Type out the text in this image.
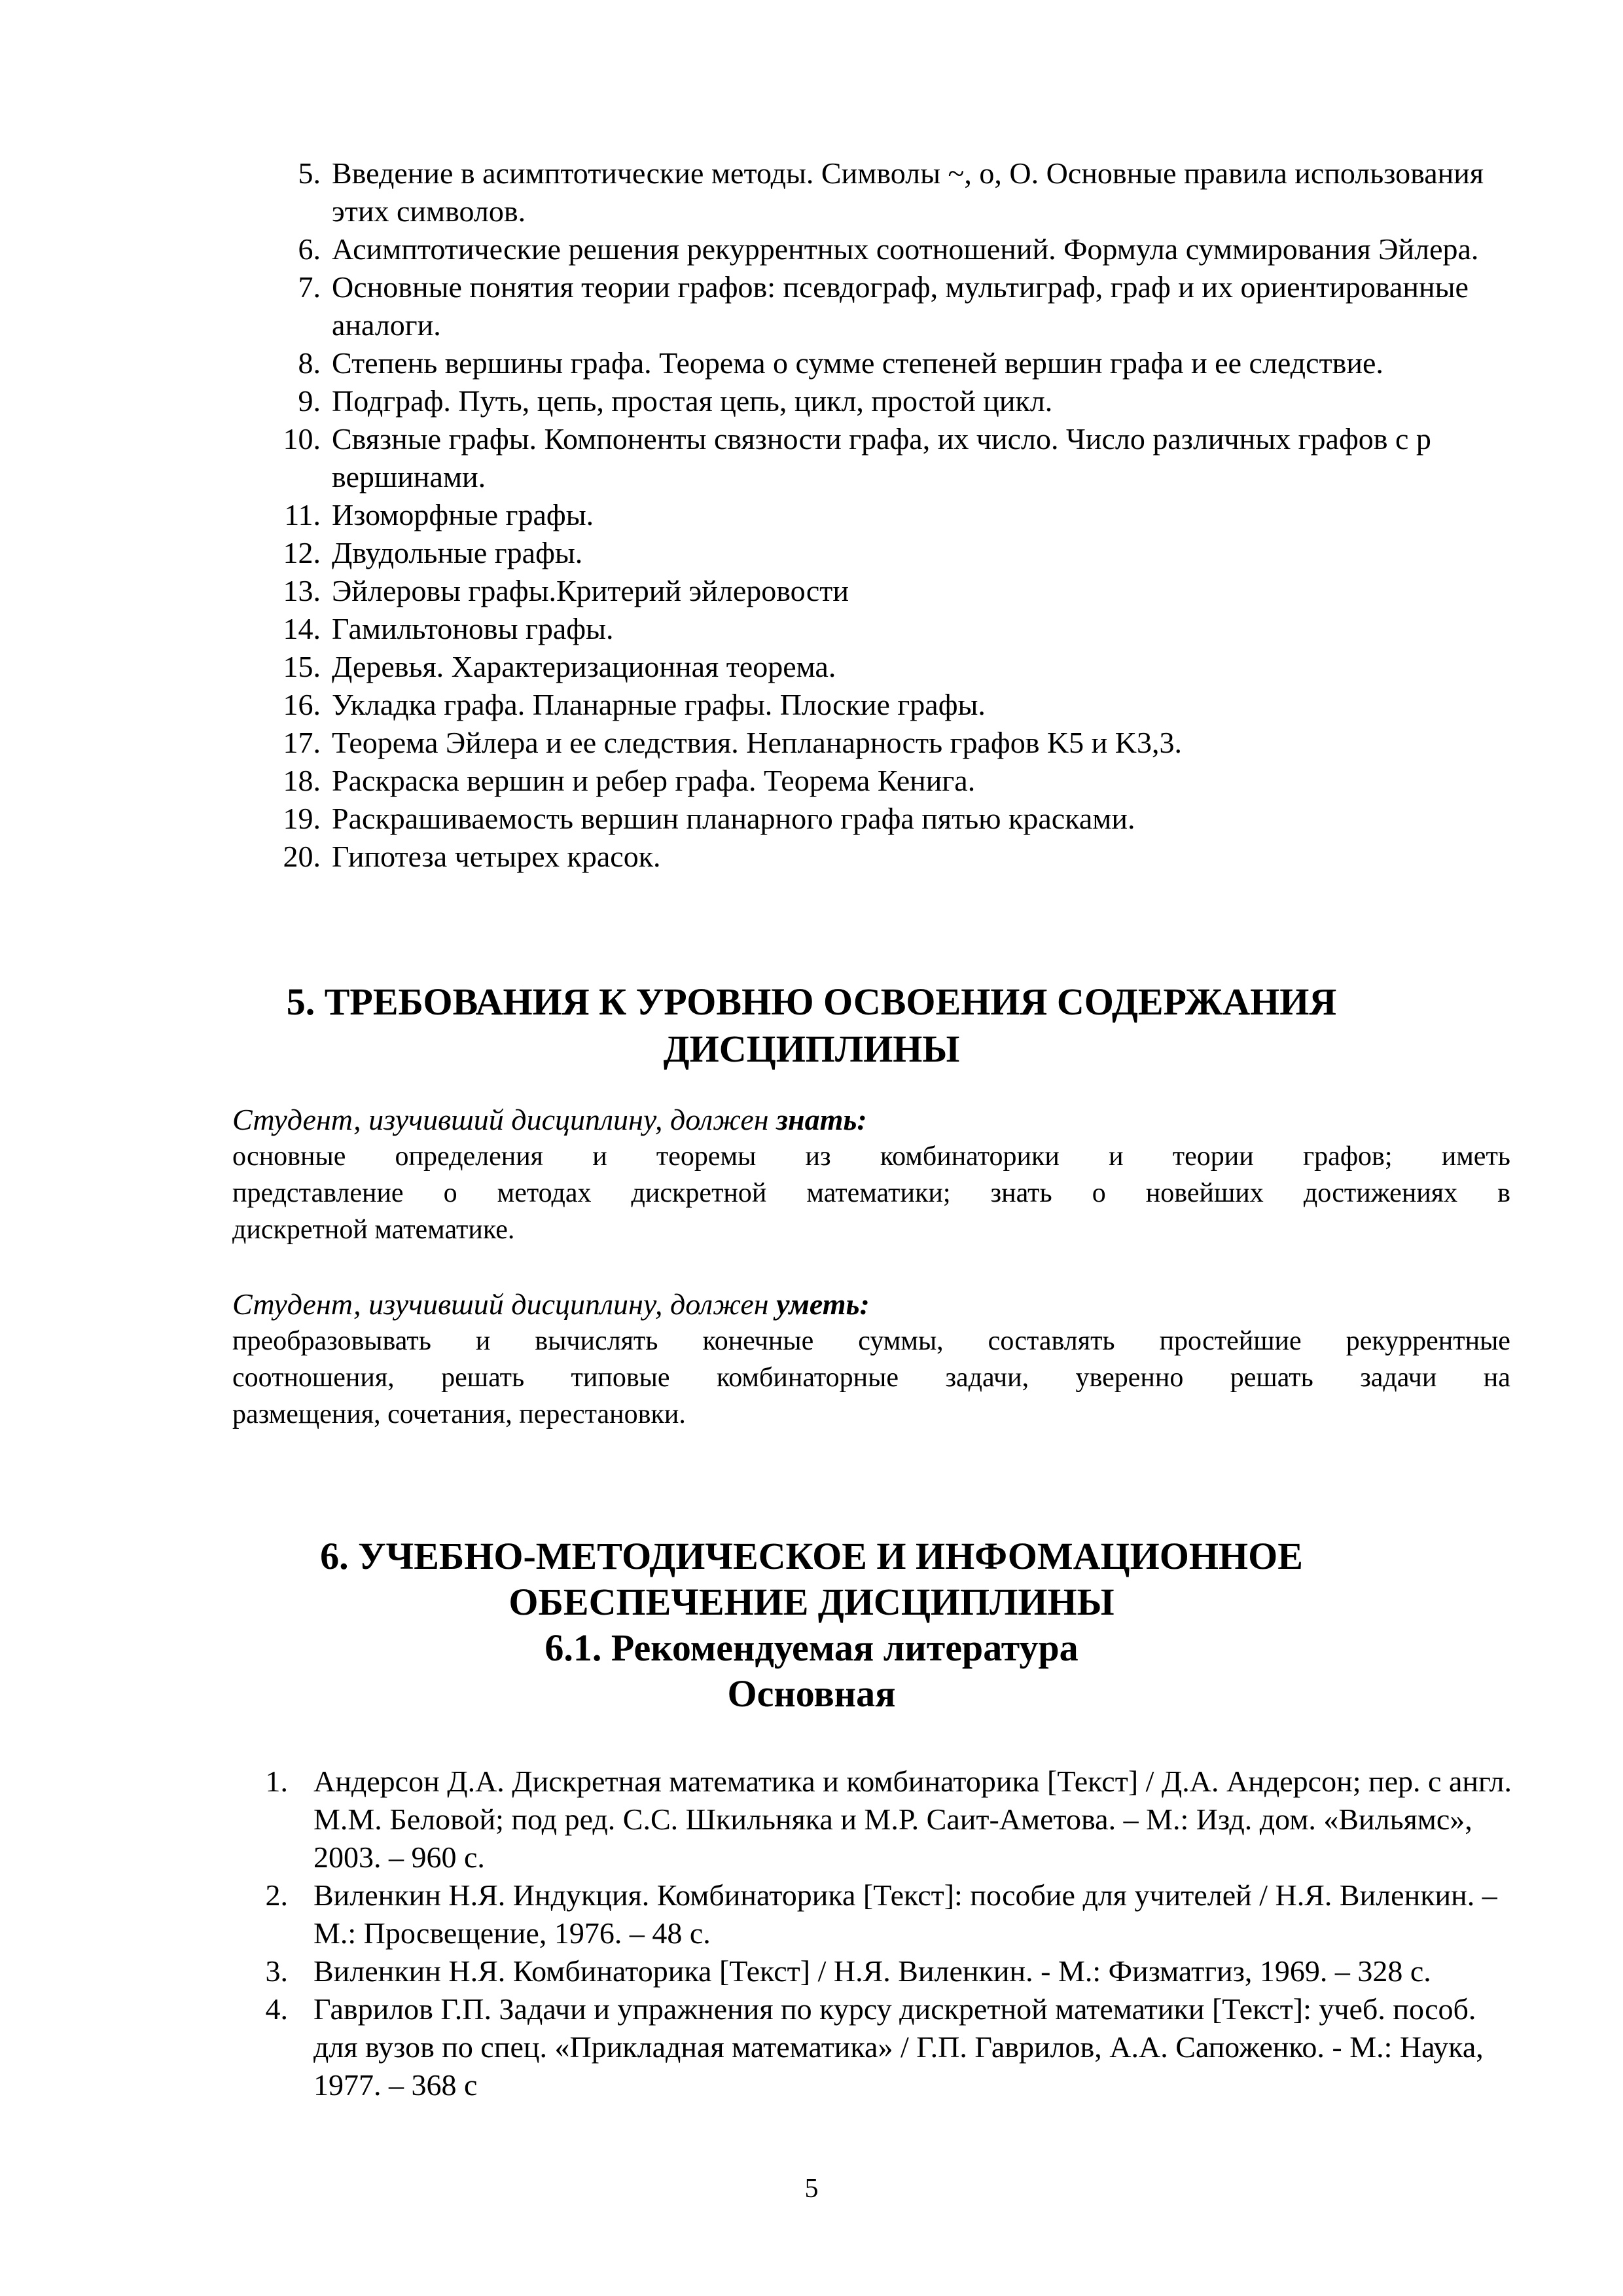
5. Введение в асимптотические методы. Символы ~, o, O. Основные правила использования этих символов.
6. Асимптотические решения рекуррентных соотношений. Формула суммирования Эйлера.
7. Основные понятия теории графов: псевдограф, мультиграф, граф и их ориентированные аналоги.
8. Степень вершины графа. Теорема о сумме степеней вершин графа и ее следствие.
9. Подграф. Путь, цепь, простая цепь, цикл, простой цикл.
10. Связные графы. Компоненты связности графа, их число. Число различных графов с p вершинами.
11. Изоморфные графы.
12. Двудольные графы.
13. Эйлеровы графы.Критерий эйлеровости
14. Гамильтоновы графы.
15. Деревья. Характеризационная теорема.
16. Укладка графа. Планарные графы. Плоские графы.
17. Теорема Эйлера и ее следствия. Непланарность графов K5 и K3,3.
18. Раскраска вершин и ребер графа. Теорема Кенига.
19. Раскрашиваемость вершин планарного графа пятью красками.
20. Гипотеза четырех красок.
5. ТРЕБОВАНИЯ К УРОВНЮ ОСВОЕНИЯ СОДЕРЖАНИЯ
ДИСЦИПЛИНЫ
Студент, изучивший дисциплину, должен знать:
основные определения и теоремы из комбинаторики и теории графов; иметь
представление о методах дискретной математики; знать о новейших достижениях в
дискретной математике.
Студент, изучивший дисциплину, должен уметь:
преобразовывать и вычислять конечные суммы, составлять простейшие рекуррентные
соотношения, решать типовые комбинаторные задачи, уверенно решать задачи на
размещения, сочетания, перестановки.
6. УЧЕБНО-МЕТОДИЧЕСКОЕ И ИНФОМАЦИОННОЕ
ОБЕСПЕЧЕНИЕ ДИСЦИПЛИНЫ
6.1. Рекомендуемая литература
Основная
1. Андерсон Д.А. Дискретная математика и комбинаторика [Текст] / Д.А. Андерсон; пер. с англ. М.М. Беловой; под ред. С.С. Шкильняка и М.Р. Саит-Аметова. – М.: Изд. дом. «Вильямс», 2003. – 960 с.
2. Виленкин Н.Я. Индукция. Комбинаторика [Текст]: пособие для учителей / Н.Я. Виленкин. – М.: Просвещение, 1976. – 48 с.
3. Виленкин Н.Я. Комбинаторика [Текст] / Н.Я. Виленкин. - М.: Физматгиз, 1969. – 328 с.
4. Гаврилов Г.П. Задачи и упражнения по курсу дискретной математики [Текст]: учеб. пособ. для вузов по спец. «Прикладная математика» / Г.П. Гаврилов, А.А. Сапоженко. - М.: Наука, 1977. – 368 с
5
